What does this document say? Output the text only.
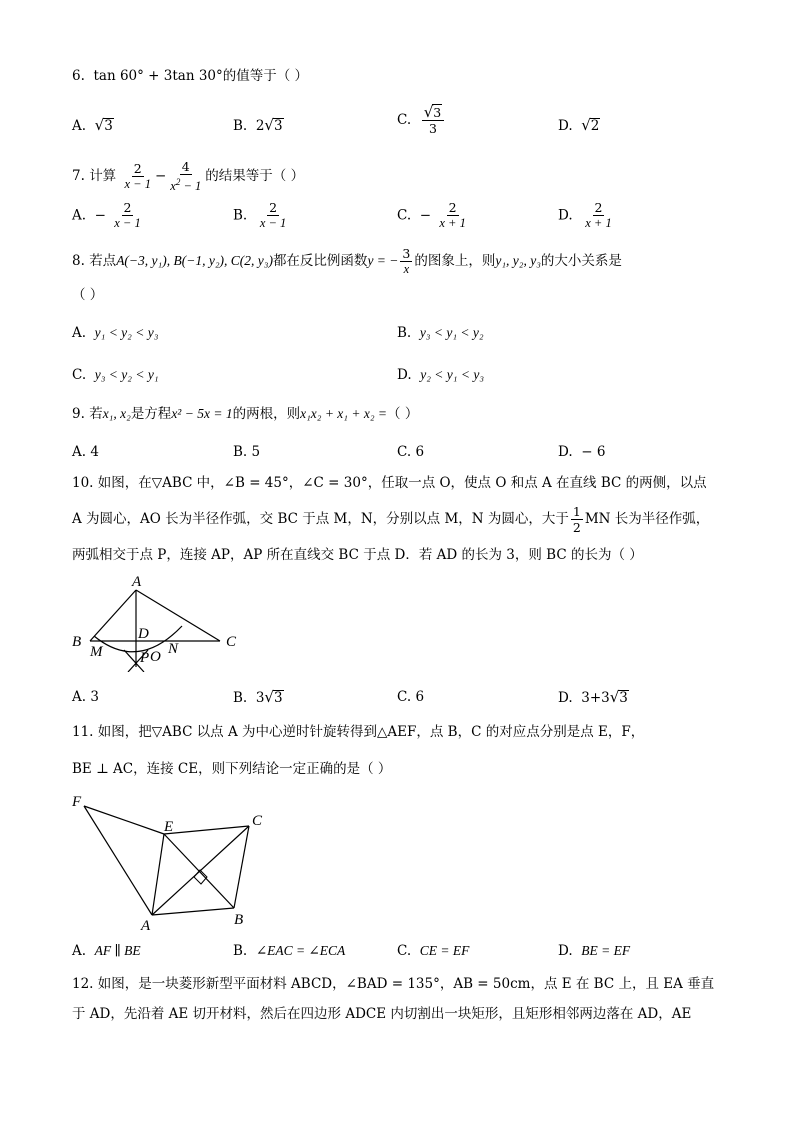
6. tan 60° + 3tan 30°的值等于（ ）
A. √3	B. 2√3	C. $\frac{√3}{3}$	D. √2
7. 计算 $\frac{2}{x - 1} - \frac{4}{x^2 - 1}$ 的结果等于（ ）
A. − $\frac{2}{x - 1}$	B. $\frac{2}{x - 1}$	C. − $\frac{2}{x + 1}$	D. $\frac{2}{x + 1}$
8. 若点A(−3, y₁), B(−1, y₂), C(2, y₃)都在反比例函数y = − $\frac{3}{x}$ 的图象上，则y₁, y₂, y₃的大小关系是
（ ）
A. y₁ < y₂ < y₃	B. y₃ < y₁ < y₂
C. y₃ < y₂ < y₁	D. y₂ < y₁ < y₃
9. 若x₁, x₂是方程x² − 5x = 1的两根，则x₁x₂ + x₁ + x₂ =（ ）
A. 4	B. 5	C. 6	D. − 6
10. 如图，在▽ABC 中，∠B = 45°，∠C = 30°，任取一点 O，使点 O 和点 A 在直线 BC 的两侧，以点
A 为圆心，AO 长为半径作弧，交 BC 于点 M，N，分别以点 M，N 为圆心，大于 $\frac{1}{2}$ MN 长为半径作弧，
两弧相交于点 P，连接 AP，AP 所在直线交 BC 于点 D．若 AD 的长为 3，则 BC 的长为（ ）
A
B	C
D
M	N
P O
A. 3	B. 3√3	C. 6	D. 3+3√3
11. 如图，把▽ABC 以点 A 为中心逆时针旋转得到△AEF，点 B，C 的对应点分别是点 E，F，
BE ⊥ AC，连接 CE，则下列结论一定正确的是（ ）
F
E	C
A	B
A. AF ∥ BE	B. ∠EAC = ∠ECA	C. CE = EF	D. BE = EF
12. 如图，是一块菱形新型平面材料 ABCD，∠BAD = 135°，AB = 50cm，点 E 在 BC 上，且 EA 垂直
于 AD，先沿着 AE 切开材料，然后在四边形 ADCE 内切割出一块矩形，且矩形相邻两边落在 AD，AE
